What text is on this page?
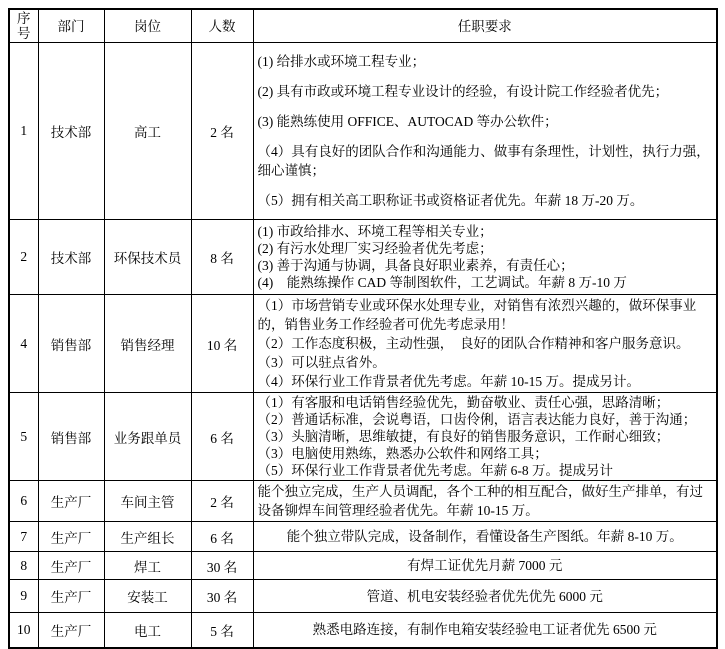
序号	部门	岗位	人数	任职要求
1	技术部	高工	2 名	(1) 给排水或环境工程专业；

(2) 具有市政或环境工程专业设计的经验，有设计院工作经验者优先；

(3) 能熟练使用 OFFICE、AUTOCAD 等办公软件；

（4）具有良好的团队合作和沟通能力、做事有条理性，计划性，执行力强，细心谨慎；

（5）拥有相关高工职称证书或资格证者优先。年薪 18 万-20 万。

2	技术部	环保技术员	8 名	(1) 市政给排水、环境工程等相关专业；

(2) 有污水处理厂实习经验者优先考虑；

(3) 善于沟通与协调，具备良好职业素养，有责任心；

(4)　能熟练操作 CAD 等制图软件，工艺调试。年薪 8 万-10 万

4	销售部	销售经理	10 名	（1）市场营销专业或环保水处理专业，对销售有浓烈兴趣的，做环保事业的，销售业务工作经验者可优先考虑录用！

（2）工作态度积极，主动性强，　良好的团队合作精神和客户服务意识。

（3）可以驻点省外。

（4）环保行业工作背景者优先考虑。年薪 10-15 万。提成另计。

5	销售部	业务跟单员	6 名	（1）有客服和电话销售经验优先，勤奋敬业、责任心强，思路清晰；

（2）普通话标准，会说粤语，口齿伶俐，语言表达能力良好，善于沟通；

（3）头脑清晰，思维敏捷，有良好的销售服务意识，工作耐心细致；

（3）电脑使用熟练，熟悉办公软件和网络工具；

（5）环保行业工作背景者优先考虑。年薪 6-8 万。提成另计

6	生产厂	车间主管	2 名	能个独立完成，生产人员调配，各个工种的相互配合，做好生产排单，有过设备铆焊车间管理经验者优先。年薪 10-15 万。

7	生产厂	生产组长	6 名	能个独立带队完成，设备制作，看懂设备生产图纸。年薪 8-10 万。

8	生产厂	焊工	30 名	有焊工证优先月薪 7000 元

9	生产厂	安装工	30 名	管道、机电安装经验者优先优先 6000 元

10	生产厂	电工	5 名	熟悉电路连接，有制作电箱安装经验电工证者优先 6500 元
